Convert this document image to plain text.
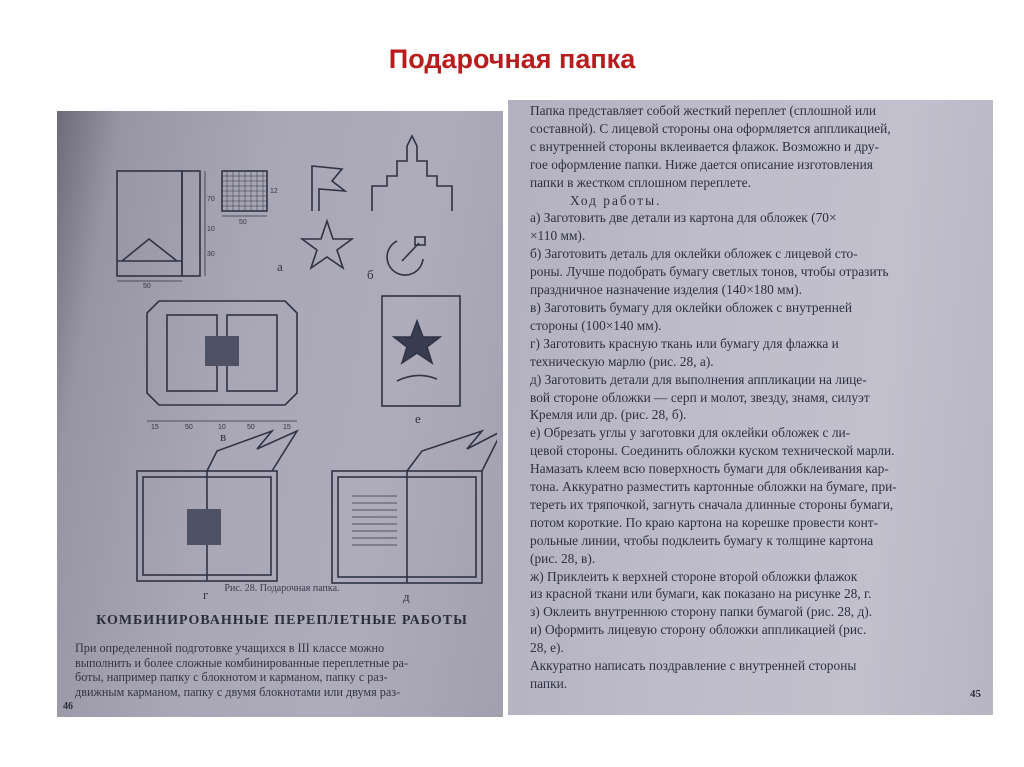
Подарочная папка
50
70
10
30
12
50
15	50	10	50	15
а
б
в
е
г	д

Рис. 28. Подарочная папка.

КОМБИНИРОВАННЫЕ ПЕРЕПЛЕТНЫЕ РАБОТЫ

При определенной подготовке учащихся в III классе можно
выполнить и более сложные комбинированные переплетные ра-
боты, например папку с блокнотом и карманом, папку с раз-
движным карманом, папку с двумя блокнотами или двумя раз-

46

Папка представляет собой жесткий переплет (сплошной или
составной). С лицевой стороны она оформляется аппликацией,
с внутренней стороны вклеивается флажок. Возможно и дру-
гое оформление папки. Ниже дается описание изготовления
папки в жестком сплошном переплете.
Ход работы.
а) Заготовить две детали из картона для обложек (70×
×110 мм).
б) Заготовить деталь для оклейки обложек с лицевой сто-
роны. Лучше подобрать бумагу светлых тонов, чтобы отразить
праздничное назначение изделия (140×180 мм).
в) Заготовить бумагу для оклейки обложек с внутренней
стороны (100×140 мм).
г) Заготовить красную ткань или бумагу для флажка и
техническую марлю (рис. 28, а).
д) Заготовить детали для выполнения аппликации на лице-
вой стороне обложки — серп и молот, звезду, знамя, силуэт
Кремля или др. (рис. 28, б).
е) Обрезать углы у заготовки для оклейки обложек с ли-
цевой стороны. Соединить обложки куском технической марли.
Намазать клеем всю поверхность бумаги для обклеивания кар-
тона. Аккуратно разместить картонные обложки на бумаге, при-
тереть их тряпочкой, загнуть сначала длинные стороны бумаги,
потом короткие. По краю картона на корешке провести конт-
рольные линии, чтобы подклеить бумагу к толщине картона
(рис. 28, в).
ж) Приклеить к верхней стороне второй обложки флажок
из красной ткани или бумаги, как показано на рисунке 28, г.
з) Оклеить внутреннюю сторону папки бумагой (рис. 28, д).
и) Оформить лицевую сторону обложки аппликацией (рис.
28, е).
Аккуратно написать поздравление с внутренней стороны
папки.

45
